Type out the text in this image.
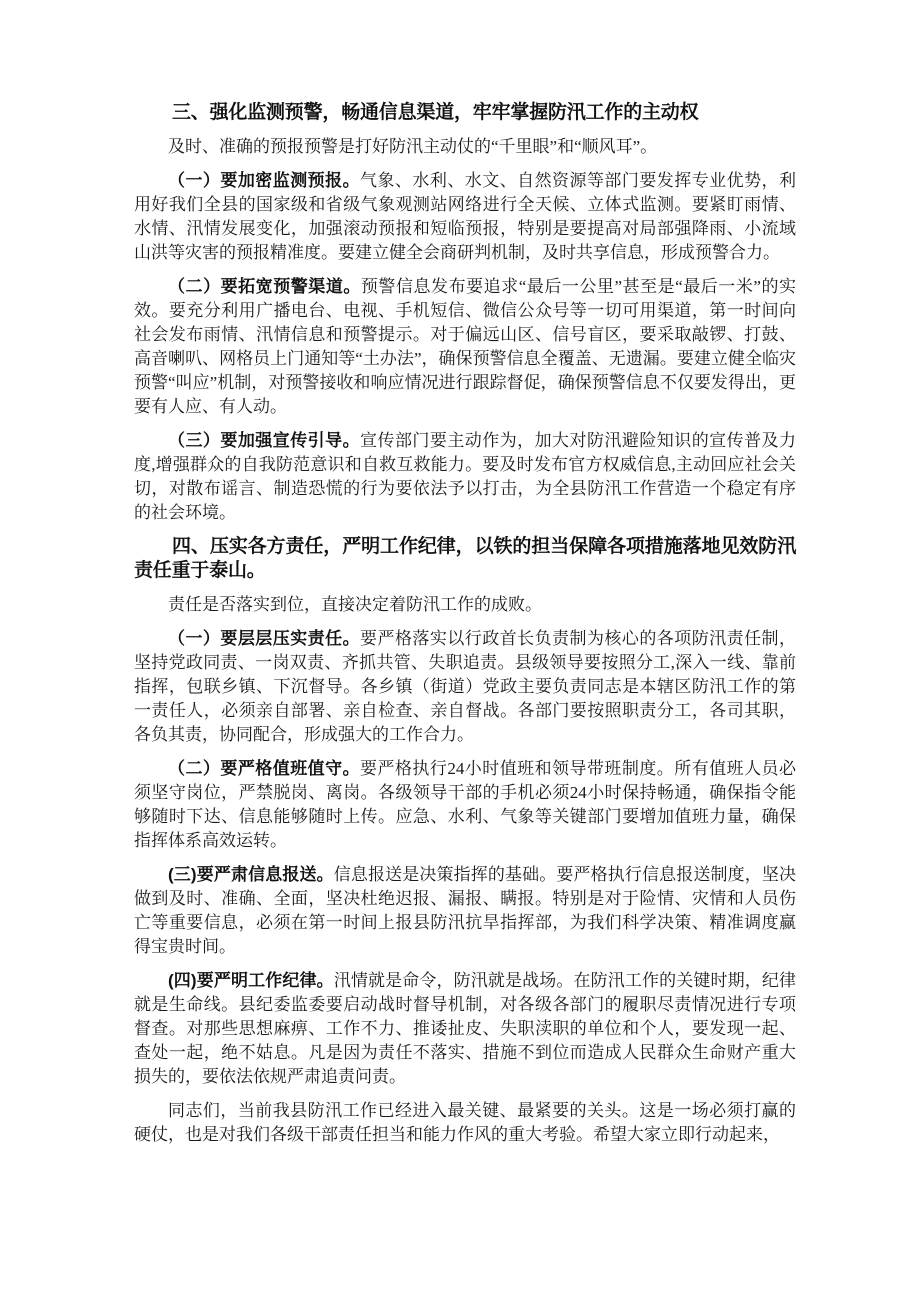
三、强化监测预警，畅通信息渠道，牢牢掌握防汛工作的主动权

及时、准确的预报预警是打好防汛主动仗的“千里眼”和“顺风耳”。

（一）要加密监测预报。气象、水利、水文、自然资源等部门要发挥专业优势，利用好我们全县的国家级和省级气象观测站网络进行全天候、立体式监测。要紧盯雨情、水情、汛情发展变化，加强滚动预报和短临预报，特别是要提高对局部强降雨、小流域山洪等灾害的预报精准度。要建立健全会商研判机制，及时共享信息，形成预警合力。

（二）要拓宽预警渠道。预警信息发布要追求“最后一公里”甚至是“最后一米”的实效。要充分利用广播电台、电视、手机短信、微信公众号等一切可用渠道，第一时间向社会发布雨情、汛情信息和预警提示。对于偏远山区、信号盲区，要采取敲锣、打鼓、高音喇叭、网格员上门通知等“土办法”，确保预警信息全覆盖、无遗漏。要建立健全临灾预警“叫应”机制，对预警接收和响应情况进行跟踪督促，确保预警信息不仅要发得出，更要有人应、有人动。

（三）要加强宣传引导。宣传部门要主动作为，加大对防汛避险知识的宣传普及力度,增强群众的自我防范意识和自救互救能力。要及时发布官方权威信息,主动回应社会关切，对散布谣言、制造恐慌的行为要依法予以打击，为全县防汛工作营造一个稳定有序的社会环境。

四、压实各方责任，严明工作纪律，以铁的担当保障各项措施落地见效防汛责任重于泰山。

责任是否落实到位，直接决定着防汛工作的成败。

（一）要层层压实责任。要严格落实以行政首长负责制为核心的各项防汛责任制，坚持党政同责、一岗双责、齐抓共管、失职追责。县级领导要按照分工,深入一线、靠前指挥，包联乡镇、下沉督导。各乡镇（街道）党政主要负责同志是本辖区防汛工作的第一责任人，必须亲自部署、亲自检查、亲自督战。各部门要按照职责分工，各司其职，各负其责，协同配合，形成强大的工作合力。

（二）要严格值班值守。要严格执行24小时值班和领导带班制度。所有值班人员必须坚守岗位，严禁脱岗、离岗。各级领导干部的手机必须24小时保持畅通，确保指令能够随时下达、信息能够随时上传。应急、水利、气象等关键部门要增加值班力量，确保指挥体系高效运转。

(三)要严肃信息报送。信息报送是决策指挥的基础。要严格执行信息报送制度，坚决做到及时、准确、全面，坚决杜绝迟报、漏报、瞒报。特别是对于险情、灾情和人员伤亡等重要信息，必须在第一时间上报县防汛抗旱指挥部，为我们科学决策、精准调度赢得宝贵时间。

(四)要严明工作纪律。汛情就是命令，防汛就是战场。在防汛工作的关键时期，纪律就是生命线。县纪委监委要启动战时督导机制，对各级各部门的履职尽责情况进行专项督查。对那些思想麻痹、工作不力、推诿扯皮、失职渎职的单位和个人，要发现一起、查处一起，绝不姑息。凡是因为责任不落实、措施不到位而造成人民群众生命财产重大损失的，要依法依规严肃追责问责。

同志们，当前我县防汛工作已经进入最关键、最紧要的关头。这是一场必须打赢的硬仗，也是对我们各级干部责任担当和能力作风的重大考验。希望大家立即行动起来，
